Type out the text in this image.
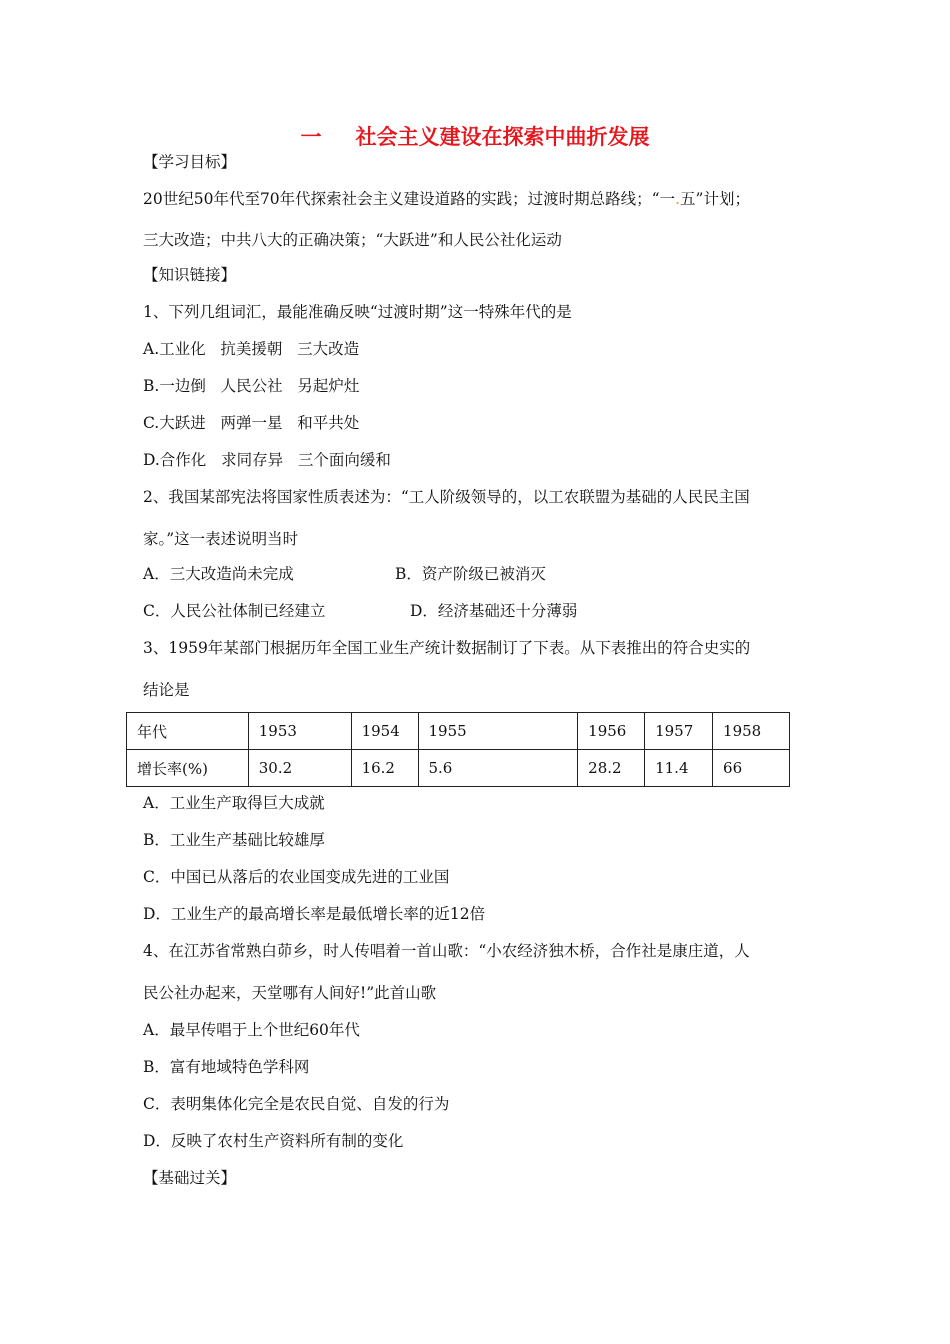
一 社会主义建设在探索中曲折发展
【学习目标】
20世纪50年代至70年代探索社会主义建设道路的实践；过渡时期总路线；“一.五”计划；
三大改造；中共八大的正确决策；“大跃进”和人民公社化运动
【知识链接】
1、下列几组词汇，最能准确反映“过渡时期”这一特殊年代的是
A.工业化   抗美援朝   三大改造
B.一边倒   人民公社   另起炉灶
C.大跃进   两弹一星   和平共处
D.合作化   求同存异   三个面向缓和
2、我国某部宪法将国家性质表述为：“工人阶级领导的，以工农联盟为基础的人民民主国
家。”这一表述说明当时
A．三大改造尚未完成	B．资产阶级已被消灭
C．人民公社体制已经建立	D．经济基础还十分薄弱
3、1959年某部门根据历年全国工业生产统计数据制订了下表。从下表推出的符合史实的
结论是
年代	1953	1954	1955	1956	1957	1958
增长率(%)	30.2	16.2	5.6	28.2	11.4	66
A．工业生产取得巨大成就
B．工业生产基础比较雄厚
C．中国已从落后的农业国变成先进的工业国
D．工业生产的最高增长率是最低增长率的近12倍
4、在江苏省常熟白茆乡，时人传唱着一首山歌：“小农经济独木桥，合作社是康庄道，人
民公社办起来，天堂哪有人间好!”此首山歌
A．最早传唱于上个世纪60年代
B．富有地域特色学科网
C．表明集体化完全是农民自觉、自发的行为
D．反映了农村生产资料所有制的变化
【基础过关】
